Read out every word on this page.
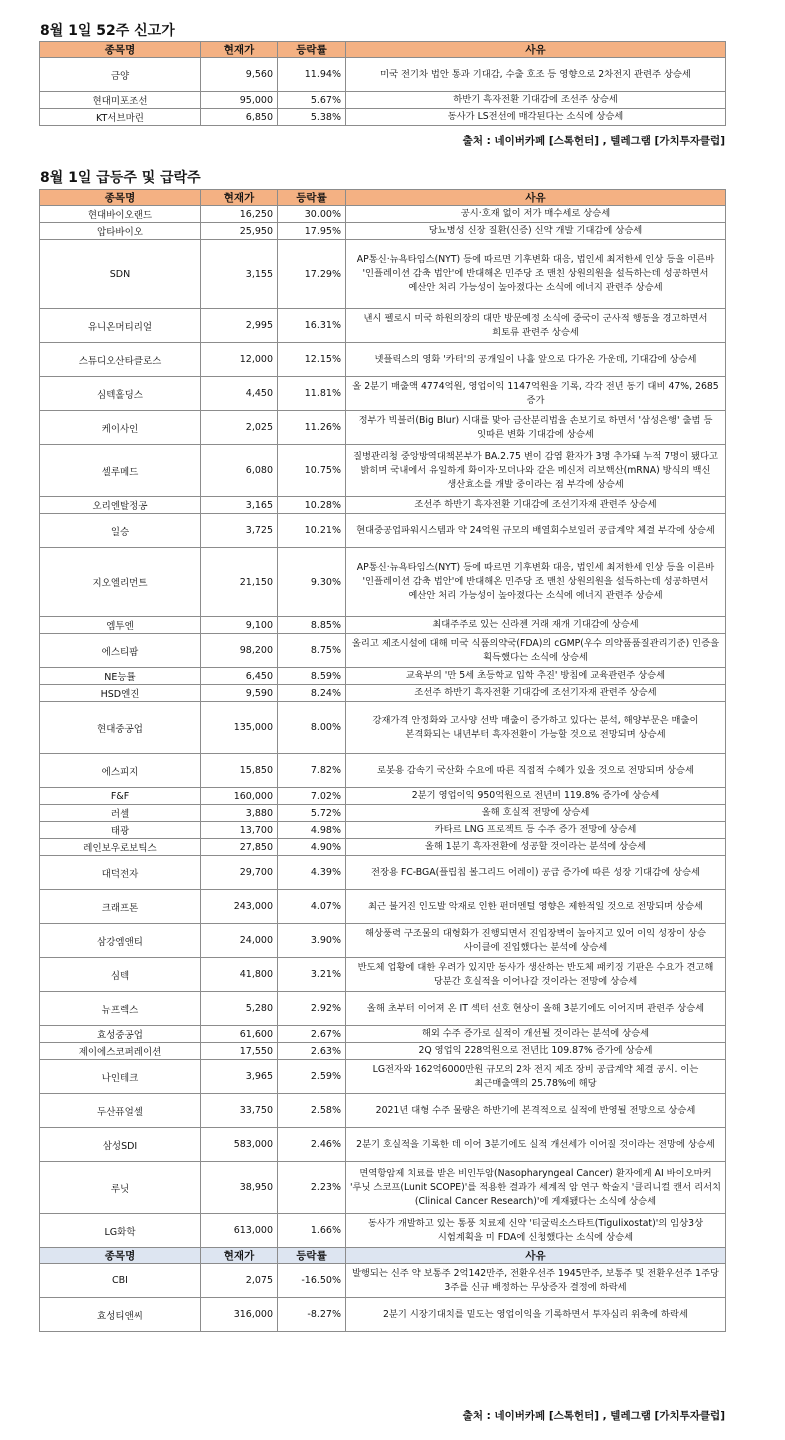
8월 1일 52주 신고가
종목명	현재가	등락률	사유
금양	9,560	11.94%	미국 전기차 법안 통과 기대감, 수출 호조 등 영향으로 2차전지 관련주 상승세
현대미포조선	95,000	5.67%	하반기 흑자전환 기대감에 조선주 상승세
KT서브마린	6,850	5.38%	동사가 LS전선에 매각된다는 소식에 상승세
출처 : 네이버카페 [스톡헌터] , 텔레그램 [가치투자클럽]
8월 1일 급등주 및 급락주
종목명	현재가	등락률	사유
현대바이오랜드	16,250	30.00%	공시·호재 없이 저가 매수세로 상승세
압타바이오	25,950	17.95%	당뇨병성 신장 질환(신증) 신약 개발 기대감에 상승세
SDN	3,155	17.29%	AP통신·뉴욕타임스(NYT) 등에 따르면 기후변화 대응, 법인세 최저한세 인상 등을 이른바 '인플레이션 감축 법안'에 반대해온 민주당 조 맨친 상원의원을 설득하는데 성공하면서 예산안 처리 가능성이 높아졌다는 소식에 에너지 관련주 상승세
유니온머티리얼	2,995	16.31%	낸시 펠로시 미국 하원의장의 대만 방문예정 소식에 중국이 군사적 행동을 경고하면서 희토류 관련주 상승세
스튜디오산타클로스	12,000	12.15%	넷플릭스의 영화 '카터'의 공개일이 나흘 앞으로 다가온 가운데, 기대감에 상승세
심텍홀딩스	4,450	11.81%	올 2분기 매출액 4774억원, 영업이익 1147억원을 기록, 각각 전년 동기 대비 47%, 2685 증가
케이사인	2,025	11.26%	정부가 빅블러(Big Blur) 시대를 맞아 금산분리법을 손보기로 하면서 '삼성은행' 출범 등 잇따른 변화 기대감에 상승세
셀루메드	6,080	10.75%	질병관리청 중앙방역대책본부가 BA.2.75 변이 감염 환자가 3명 추가돼 누적 7명이 됐다고 밝히며 국내에서 유일하게 화이자·모더나와 같은 메신저 리보핵산(mRNA) 방식의 백신 생산효소를 개발 중이라는 점 부각에 상승세
오리엔탈정공	3,165	10.28%	조선주 하반기 흑자전환 기대감에 조선기자재 관련주 상승세
일승	3,725	10.21%	현대중공업파워시스템과 약 24억원 규모의 배열회수보일러 공급계약 체결 부각에 상승세
지오엘리먼트	21,150	9.30%	AP통신·뉴욕타임스(NYT) 등에 따르면 기후변화 대응, 법인세 최저한세 인상 등을 이른바 '인플레이션 감축 법안'에 반대해온 민주당 조 맨친 상원의원을 설득하는데 성공하면서 예산안 처리 가능성이 높아졌다는 소식에 에너지 관련주 상승세
엠투엔	9,100	8.85%	최대주주로 있는 신라젠 거래 재개 기대감에 상승세
에스티팜	98,200	8.75%	올리고 제조시설에 대해 미국 식품의약국(FDA)의 cGMP(우수 의약품품질관리기준) 인증을 획득했다는 소식에 상승세
NE능률	6,450	8.59%	교육부의 '만 5세 초등학교 입학 추진' 방침에 교육관련주 상승세
HSD엔진	9,590	8.24%	조선주 하반기 흑자전환 기대감에 조선기자재 관련주 상승세
현대중공업	135,000	8.00%	강재가격 안정화와 고사양 선박 매출이 증가하고 있다는 분석, 해양부문은 매출이 본격화되는 내년부터 흑자전환이 가능할 것으로 전망되며 상승세
에스피지	15,850	7.82%	로봇용 감속기 국산화 수요에 따른 직접적 수혜가 있을 것으로 전망되며 상승세
F&F	160,000	7.02%	2분기 영업이익 950억원으로 전년비 119.8% 증가에 상승세
러셀	3,880	5.72%	올해 호실적 전망에 상승세
태광	13,700	4.98%	카타르 LNG 프로젝트 등 수주 증가 전망에 상승세
레인보우로보틱스	27,850	4.90%	올해 1분기 흑자전환에 성공할 것이라는 분석에 상승세
대덕전자	29,700	4.39%	전장용 FC-BGA(플립칩 볼그리드 어레이) 공급 증가에 따른 성장 기대감에 상승세
크래프톤	243,000	4.07%	최근 불거진 인도발 악재로 인한 펀더멘털 영향은 제한적일 것으로 전망되며 상승세
삼강엠앤티	24,000	3.90%	해상풍력 구조물의 대형화가 진행되면서 진입장벽이 높아지고 있어 이익 성장이 상승 사이클에 진입했다는 분석에 상승세
심텍	41,800	3.21%	반도체 업황에 대한 우려가 있지만 동사가 생산하는 반도체 패키징 기판은 수요가 견고해 당분간 호실적을 이어나갈 것이라는 전망에 상승세
뉴프렉스	5,280	2.92%	올해 초부터 이어져 온 IT 섹터 선호 현상이 올해 3분기에도 이어지며 관련주 상승세
효성중공업	61,600	2.67%	해외 수주 증가로 실적이 개선될 것이라는 분석에 상승세
제이에스코퍼레이션	17,550	2.63%	2Q 영업익 228억원으로 전년比 109.87% 증가에 상승세
나인테크	3,965	2.59%	LG전자와 162억6000만원 규모의 2차 전지 제조 장비 공급계약 체결 공시. 이는 최근매출액의 25.78%에 해당
두산퓨얼셀	33,750	2.58%	2021년 대형 수주 물량은 하반기에 본격적으로 실적에 반영될 전망으로 상승세
삼성SDI	583,000	2.46%	2분기 호실적을 기록한 데 이어 3분기에도 실적 개선세가 이어질 것이라는 전망에 상승세
루닛	38,950	2.23%	면역항암제 치료를 받은 비인두암(Nasopharyngeal Cancer) 환자에게 AI 바이오마커 '루닛 스코프(Lunit SCOPE)'를 적용한 결과가 세계적 암 연구 학술지 '클리니컬 캔서 리서치(Clinical Cancer Research)'에 게재됐다는 소식에 상승세
LG화학	613,000	1.66%	동사가 개발하고 있는 통풍 치료제 신약 '티굴릭소스타트(Tigulixostat)'의 임상3상 시험계획을 미 FDA에 신청했다는 소식에 상승세
종목명	현재가	등락률	사유
CBI	2,075	-16.50%	발행되는 신주 약 보통주 2억142만주, 전환우선주 1945만주, 보통주 및 전환우선주 1주당 3주를 신규 배정하는 무상증자 결정에 하락세
효성티앤씨	316,000	-8.27%	2분기 시장기대치를 밑도는 영업이익을 기록하면서 투자심리 위축에 하락세
출처 : 네이버카페 [스톡헌터] , 텔레그램 [가치투자클럽]
